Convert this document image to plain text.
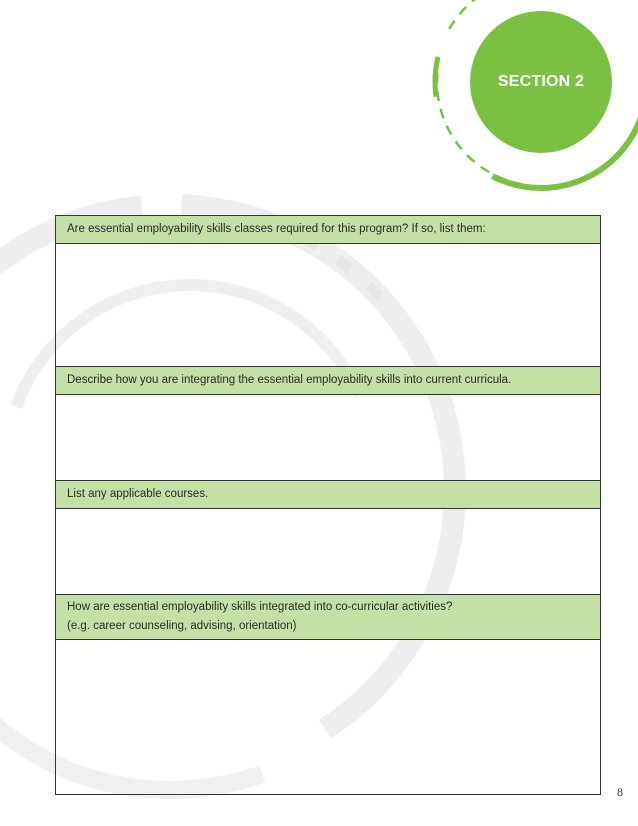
SECTION 2
Are essential employability skills classes required for this program? If so, list them:
Describe how you are integrating the essential employability skills into current curricula.
List any applicable courses.
How are essential employability skills integrated into co-curricular activities?
(e.g. career counseling, advising, orientation)
8
